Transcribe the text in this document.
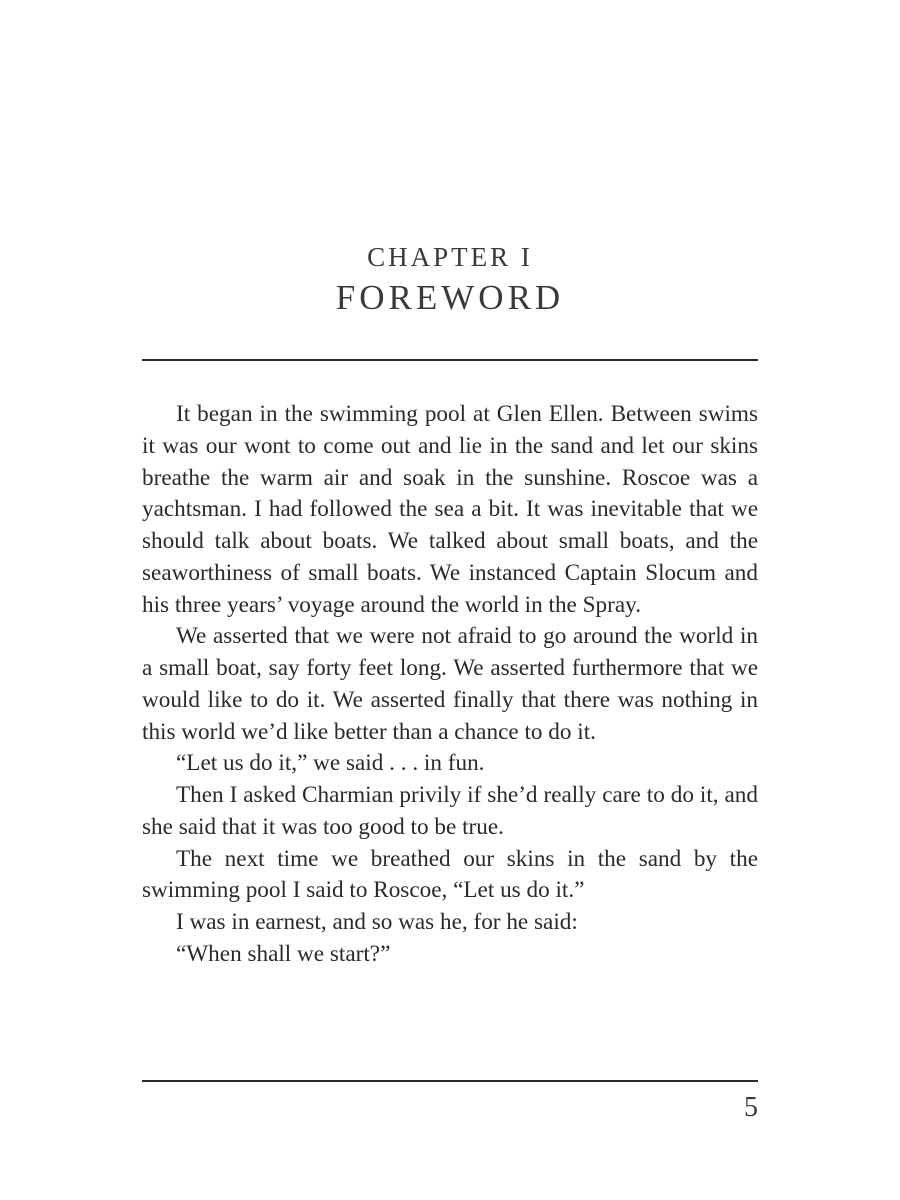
CHAPTER I
FOREWORD

It began in the swimming pool at Glen Ellen. Between swims it was our wont to come out and lie in the sand and let our skins breathe the warm air and soak in the sunshine. Roscoe was a yachtsman. I had followed the sea a bit. It was inevitable that we should talk about boats. We talked about small boats, and the seaworthiness of small boats. We instanced Captain Slocum and his three years’ voyage around the world in the Spray.

We asserted that we were not afraid to go around the world in a small boat, say forty feet long. We asserted furthermore that we would like to do it. We asserted finally that there was nothing in this world we’d like better than a chance to do it.

“Let us do it,” we said . . . in fun.

Then I asked Charmian privily if she’d really care to do it, and she said that it was too good to be true.

The next time we breathed our skins in the sand by the swimming pool I said to Roscoe, “Let us do it.”

I was in earnest, and so was he, for he said:

“When shall we start?”

5
